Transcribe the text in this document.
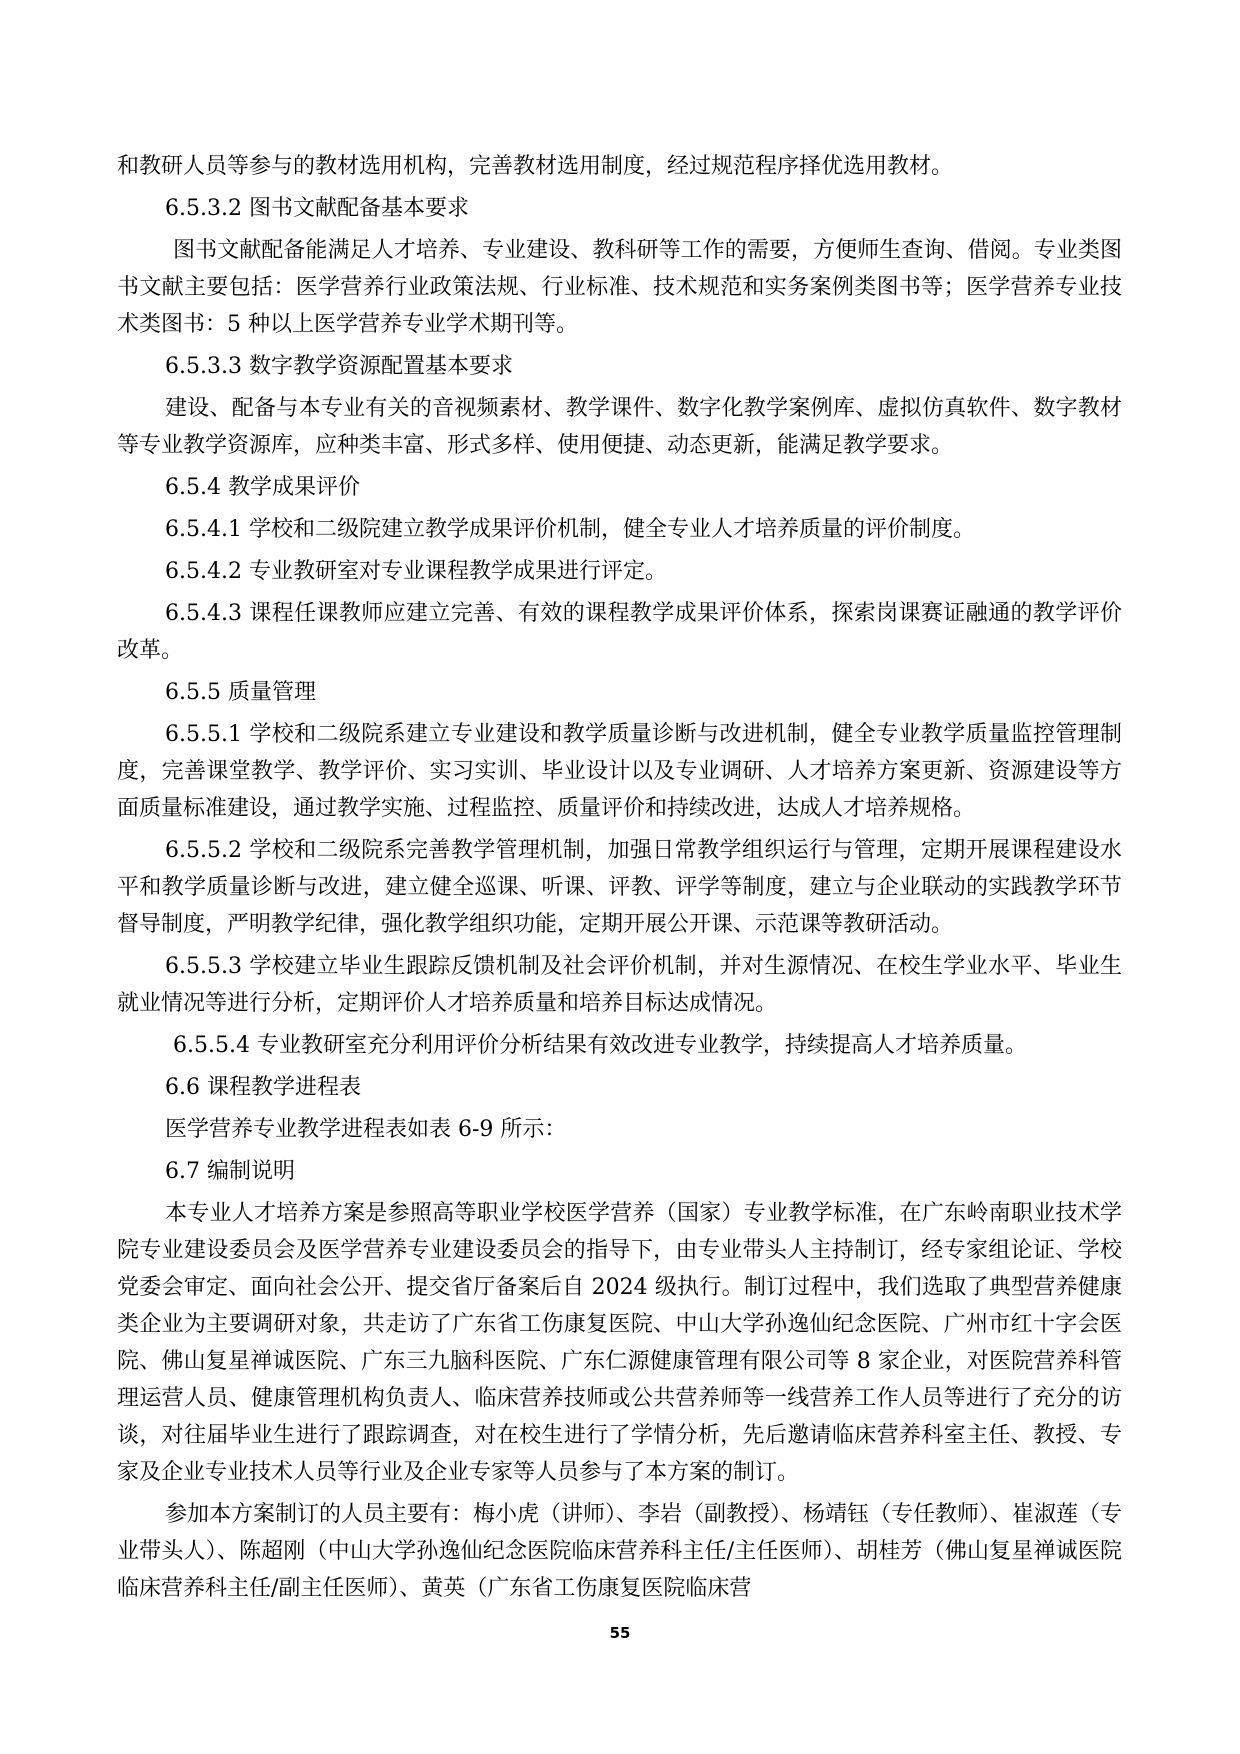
和教研人员等参与的教材选用机构，完善教材选用制度，经过规范程序择优选用教材。

6.5.3.2 图书文献配备基本要求

图书文献配备能满足人才培养、专业建设、教科研等工作的需要，方便师生查询、借阅。专业类图书文献主要包括：医学营养行业政策法规、行业标准、技术规范和实务案例类图书等；医学营养专业技术类图书：5 种以上医学营养专业学术期刊等。

6.5.3.3 数字教学资源配置基本要求

建设、配备与本专业有关的音视频素材、教学课件、数字化教学案例库、虚拟仿真软件、数字教材等专业教学资源库，应种类丰富、形式多样、使用便捷、动态更新，能满足教学要求。

6.5.4 教学成果评价

6.5.4.1 学校和二级院建立教学成果评价机制，健全专业人才培养质量的评价制度。

6.5.4.2 专业教研室对专业课程教学成果进行评定。

6.5.4.3 课程任课教师应建立完善、有效的课程教学成果评价体系，探索岗课赛证融通的教学评价改革。

6.5.5 质量管理

6.5.5.1 学校和二级院系建立专业建设和教学质量诊断与改进机制，健全专业教学质量监控管理制度，完善课堂教学、教学评价、实习实训、毕业设计以及专业调研、人才培养方案更新、资源建设等方面质量标准建设，通过教学实施、过程监控、质量评价和持续改进，达成人才培养规格。

6.5.5.2 学校和二级院系完善教学管理机制，加强日常教学组织运行与管理，定期开展课程建设水平和教学质量诊断与改进，建立健全巡课、听课、评教、评学等制度，建立与企业联动的实践教学环节督导制度，严明教学纪律，强化教学组织功能，定期开展公开课、示范课等教研活动。

6.5.5.3 学校建立毕业生跟踪反馈机制及社会评价机制，并对生源情况、在校生学业水平、毕业生就业情况等进行分析，定期评价人才培养质量和培养目标达成情况。

6.5.5.4 专业教研室充分利用评价分析结果有效改进专业教学，持续提高人才培养质量。

6.6 课程教学进程表

医学营养专业教学进程表如表 6-9 所示：

6.7 编制说明

本专业人才培养方案是参照高等职业学校医学营养（国家）专业教学标准，在广东岭南职业技术学院专业建设委员会及医学营养专业建设委员会的指导下，由专业带头人主持制订，经专家组论证、学校党委会审定、面向社会公开、提交省厅备案后自 2024 级执行。制订过程中，我们选取了典型营养健康类企业为主要调研对象，共走访了广东省工伤康复医院、中山大学孙逸仙纪念医院、广州市红十字会医院、佛山复星禅诚医院、广东三九脑科医院、广东仁源健康管理有限公司等 8 家企业，对医院营养科管理运营人员、健康管理机构负责人、临床营养技师或公共营养师等一线营养工作人员等进行了充分的访谈，对往届毕业生进行了跟踪调查，对在校生进行了学情分析，先后邀请临床营养科室主任、教授、专家及企业专业技术人员等行业及企业专家等人员参与了本方案的制订。

参加本方案制订的人员主要有：梅小虎（讲师）、李岩（副教授）、杨靖钰（专任教师）、崔淑莲（专业带头人）、陈超刚（中山大学孙逸仙纪念医院临床营养科主任/主任医师）、胡桂芳（佛山复星禅诚医院临床营养科主任/副主任医师）、黄英（广东省工伤康复医院临床营

55
